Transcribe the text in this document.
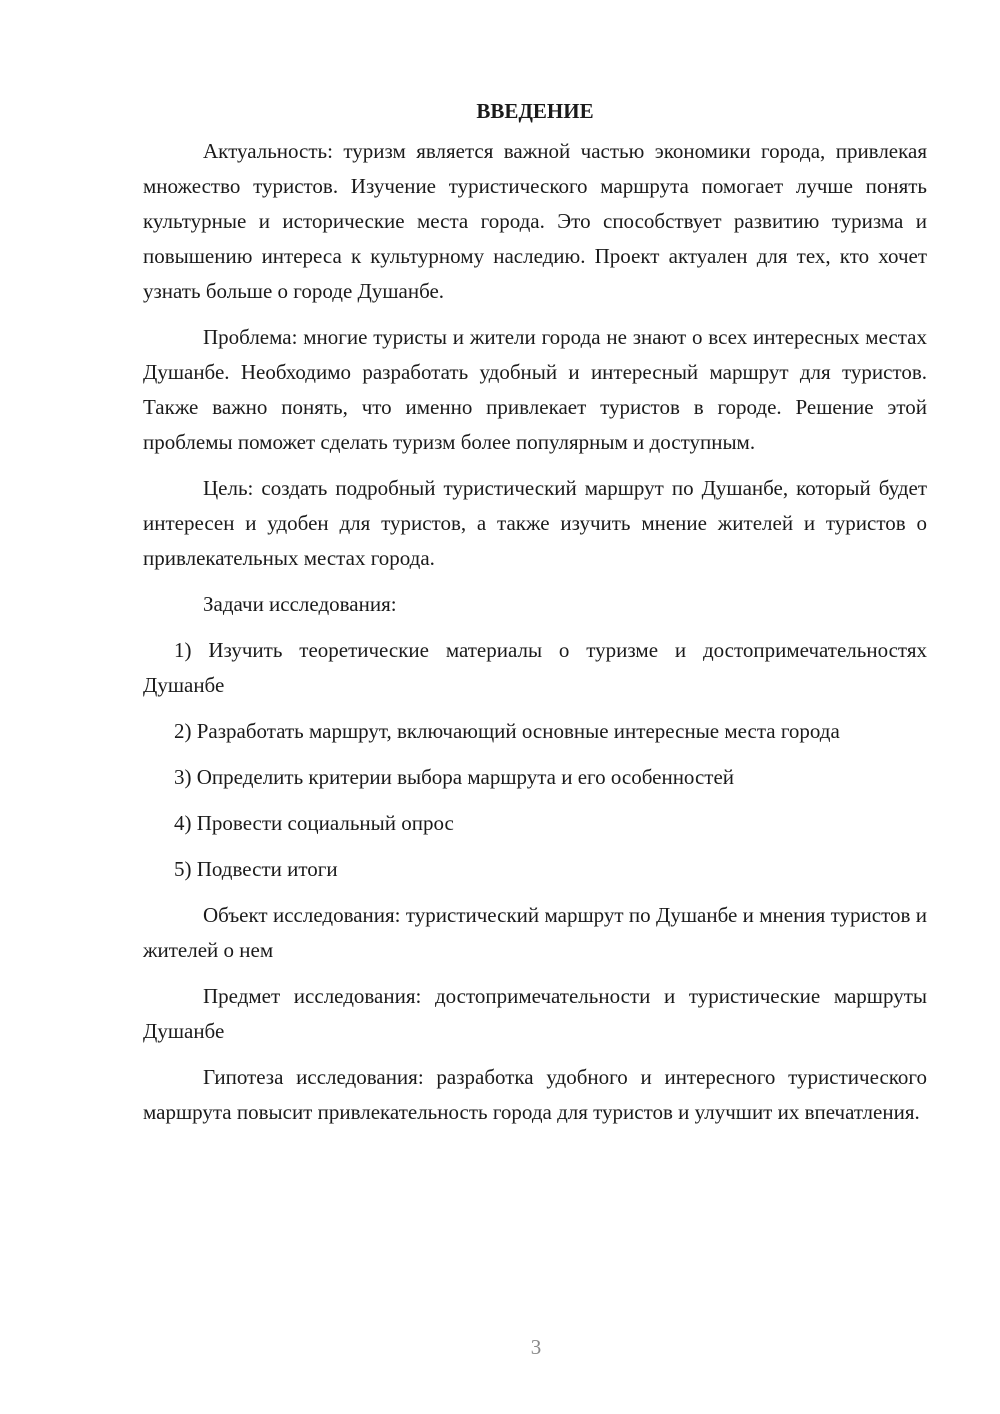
ВВЕДЕНИЕ

Актуальность: туризм является важной частью экономики города, привлекая множество туристов. Изучение туристического маршрута помогает лучше понять культурные и исторические места города. Это способствует развитию туризма и повышению интереса к культурному наследию. Проект актуален для тех, кто хочет узнать больше о городе Душанбе.

Проблема: многие туристы и жители города не знают о всех интересных местах Душанбе. Необходимо разработать удобный и интересный маршрут для туристов. Также важно понять, что именно привлекает туристов в городе. Решение этой проблемы поможет сделать туризм более популярным и доступным.

Цель: создать подробный туристический маршрут по Душанбе, который будет интересен и удобен для туристов, а также изучить мнение жителей и туристов о привлекательных местах города.

Задачи исследования:

1) Изучить теоретические материалы о туризме и достопримечательностях Душанбе

2) Разработать маршрут, включающий основные интересные места города

3) Определить критерии выбора маршрута и его особенностей

4) Провести социальный опрос

5) Подвести итоги

Объект исследования: туристический маршрут по Душанбе и мнения туристов и жителей о нем

Предмет исследования: достопримечательности и туристические маршруты Душанбе

Гипотеза исследования: разработка удобного и интересного туристического маршрута повысит привлекательность города для туристов и улучшит их впечатления.

3
